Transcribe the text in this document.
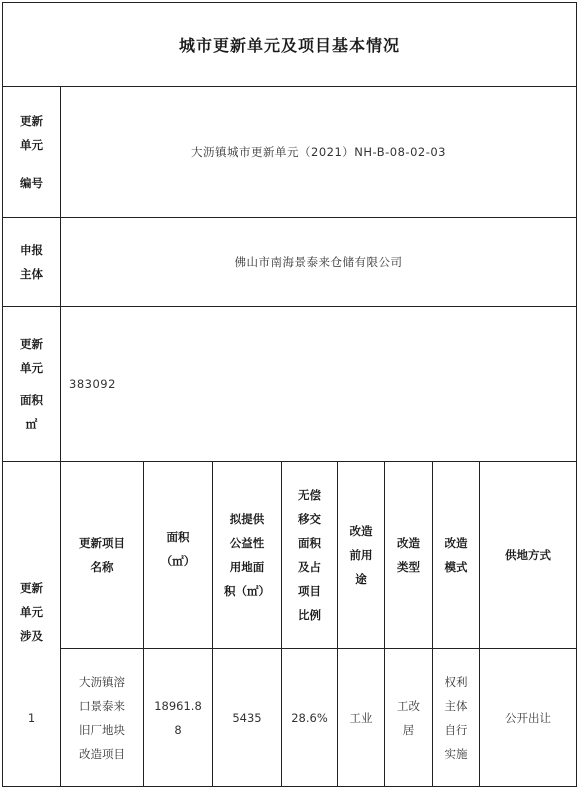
城市更新单元及项目基本情况
更新
单元
编号
大沥镇城市更新单元（2021）NH-B-08-02-03
申报
主体
佛山市南海景泰来仓储有限公司
更新
单元
面积
㎡
383092
更新
单元
涉及
更新项目
名称
面积
（㎡）
拟提供
公益性
用地面
积（㎡）
无偿
移交
面积
及占
项目
比例
改造
前用
途
改造
类型
改造
模式
供地方式
1
大沥镇溶
口景泰来
旧厂地块
改造项目
18961.8
8
5435	28.6%	工业
工改
居
权利
主体
自行
实施
公开出让
